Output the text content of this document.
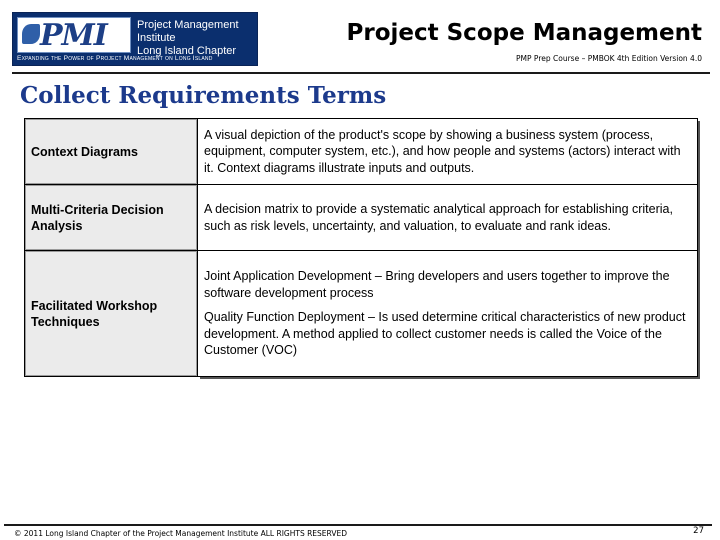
PMI	Project Management Institute
Long Island Chapter
Expanding the Power of Project Management on Long Island
Project Scope Management
PMP Prep Course – PMBOK 4th Edition Version 4.0
Collect Requirements Terms
Context Diagrams	A visual depiction of the product's scope by showing a business system (process, equipment, computer system, etc.), and how people and systems (actors) interact with it. Context diagrams illustrate inputs and outputs.

Multi-Criteria Decision Analysis	A decision matrix to provide a systematic analytical approach for establishing criteria, such as risk levels, uncertainty, and valuation, to evaluate and rank ideas.

Facilitated Workshop Techniques	Joint Application Development – Bring developers and users together to improve the software development process

Quality Function Deployment – Is used determine critical characteristics of new product development. A method applied to collect customer needs is called the Voice of the Customer (VOC)

© 2011 Long Island Chapter of the Project Management Institute ALL RIGHTS RESERVED	27
